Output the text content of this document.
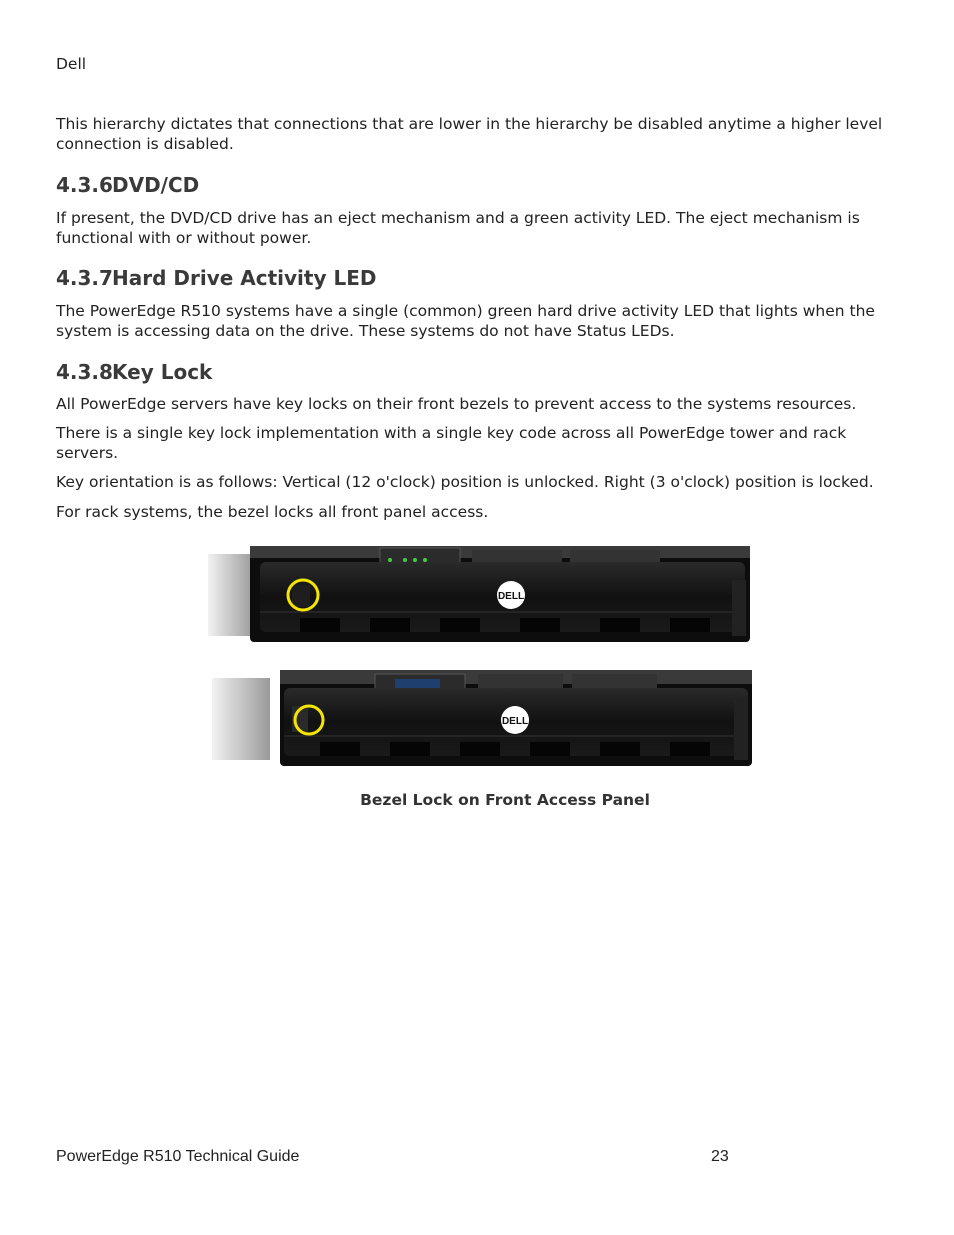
Dell

This hierarchy dictates that connections that are lower in the hierarchy be disabled anytime a higher level connection is disabled.

4.3.6DVD/CD

If present, the DVD/CD drive has an eject mechanism and a green activity LED. The eject mechanism is functional with or without power.

4.3.7Hard Drive Activity LED

The PowerEdge R510 systems have a single (common) green hard drive activity LED that lights when the system is accessing data on the drive. These systems do not have Status LEDs.

4.3.8Key Lock

All PowerEdge servers have key locks on their front bezels to prevent access to the systems resources.

There is a single key lock implementation with a single key code across all PowerEdge tower and rack servers.

Key orientation is as follows: Vertical (12 o'clock) position is unlocked. Right (3 o'clock) position is locked.

For rack systems, the bezel locks all front panel access.

DELL
DELL
Bezel Lock on Front Access Panel
PowerEdge R510 Technical Guide	23
